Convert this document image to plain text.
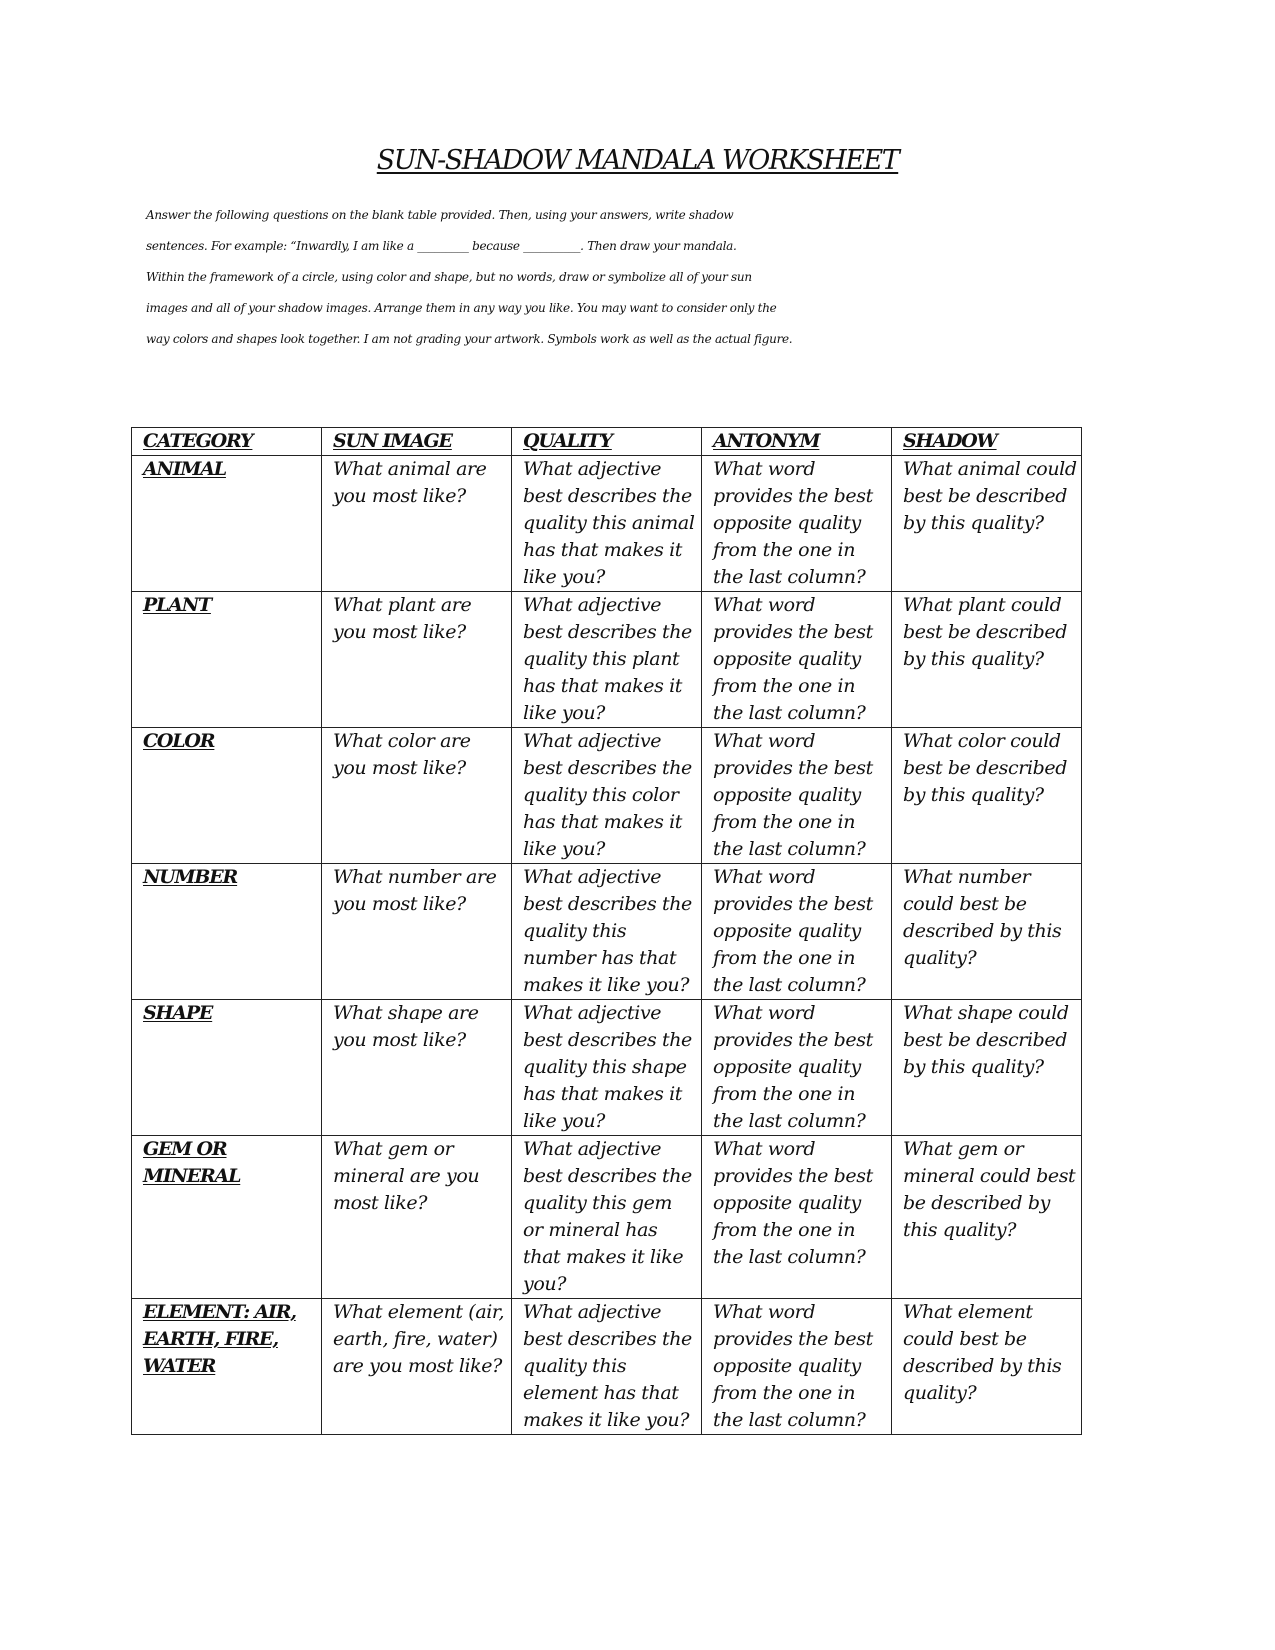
SUN-SHADOW MANDALA WORKSHEET

Answer the following questions on the blank table provided. Then, using your answers, write shadow
sentences. For example: “Inwardly, I am like a _________ because __________. Then draw your mandala.
Within the framework of a circle, using color and shape, but no words, draw or symbolize all of your sun
images and all of your shadow images. Arrange them in any way you like. You may want to consider only the
way colors and shapes look together. I am not grading your artwork. Symbols work as well as the actual figure.

CATEGORY	SUN IMAGE	QUALITY	ANTONYM	SHADOW
ANIMAL	What animal are you most like?	What adjective best describes the quality this animal has that makes it like you?	What word provides the best opposite quality from the one in the last column?	What animal could best be described by this quality?
PLANT	What plant are you most like?	What adjective best describes the quality this plant has that makes it like you?	What word provides the best opposite quality from the one in the last column?	What plant could best be described by this quality?
COLOR	What color are you most like?	What adjective best describes the quality this color has that makes it like you?	What word provides the best opposite quality from the one in the last column?	What color could best be described by this quality?
NUMBER	What number are you most like?	What adjective best describes the quality this number has that makes it like you?	What word provides the best opposite quality from the one in the last column?	What number could best be described by this quality?
SHAPE	What shape are you most like?	What adjective best describes the quality this shape has that makes it like you?	What word provides the best opposite quality from the one in the last column?	What shape could best be described by this quality?
GEM OR MINERAL	What gem or mineral are you most like?	What adjective best describes the quality this gem or mineral has that makes it like you?	What word provides the best opposite quality from the one in the last column?	What gem or mineral could best be described by this quality?
ELEMENT: AIR, EARTH, FIRE, WATER	What element (air, earth, fire, water) are you most like?	What adjective best describes the quality this element has that makes it like you?	What word provides the best opposite quality from the one in the last column?	What element could best be described by this quality?
